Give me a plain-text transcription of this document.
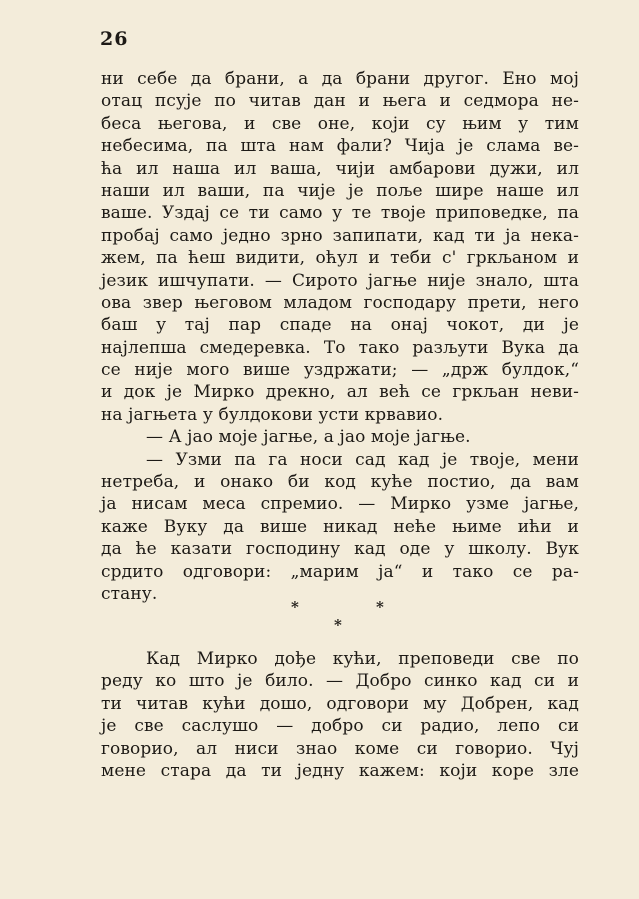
26
ни себе да брани, а да брани другог. Ено мој
отац псује по читав дан и њега и седмора не-
беса његова, и све оне, који су њим у тим
небесима, па шта нам фали? Чија је слама ве-
ћа ил наша ил ваша, чији амбарови дужи, ил
наши ил ваши, па чије је поље шире наше ил
ваше. Уздај се ти само у те твоје приповедке, па
пробај само једно зрно запипати, кад ти ја нека-
жем, па ћеш видити, оћул и теби с' гркљаном и
језик ишчупати. — Сирото јагње није знало, шта
ова звер његовом младом господару прети, него
баш у тај пар спаде на онај чокот, ди је
најлепша смедеревка. То тако разљути Вука да
се није мого више уздржати; — „држ булдок,“
и док је Мирко дрекно, ал већ се гркљан неви-
на јагњета у булдокови усти крвавио.
— А јао моје јагње, а јао моје јагње.
— Узми па га носи сад кад је твоје, мени
нетреба, и онако би код куће постио, да вам
ја нисам меса спремио. — Мирко узме јагње,
каже Вуку да више никад неће њиме ићи и
да ће казати господину кад оде у школу. Вук
срдито одговори: „марим ја“ и тако се ра-
стану.
*	*
*
Кад Мирко дође кући, преповеди све по
реду ко што је било. — Добро синко кад си и
ти читав кући дошо, одговори му Добрен, кад
је све саслушо — добро си радио, лепо си
говорио, ал ниси знао коме си говорио. Чуј
мене стара да ти једну кажем: који коре зле
